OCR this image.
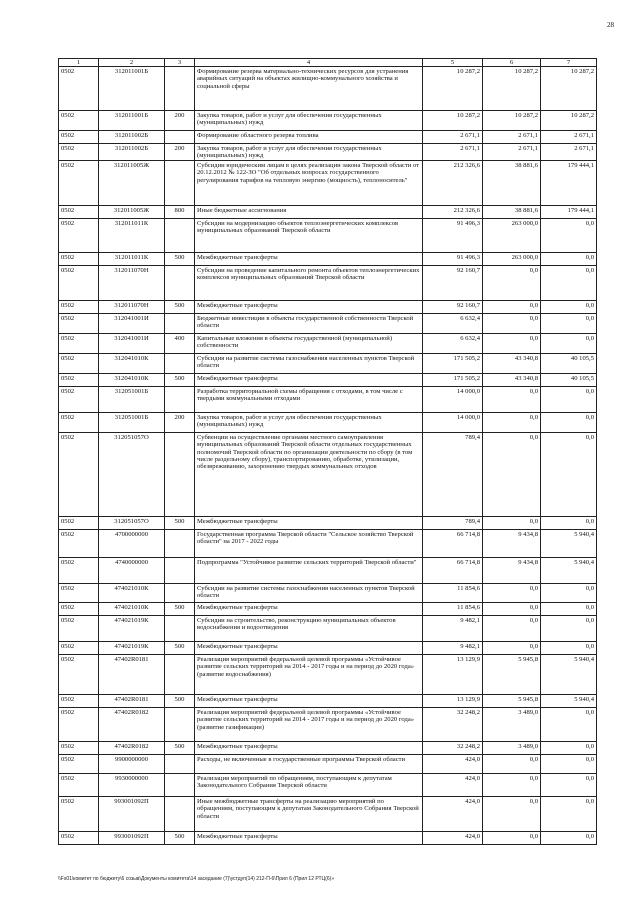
28
1	2	3	4	5	6	7
0502	312011001Б		Формирование резерва материально-технических ресурсов для устранения аварийных ситуаций на объектах жилищно-коммунального хозяйства и социальной сферы	10 287,2	10 287,2	10 287,2
0502	312011001Б	200	Закупка товаров, работ и услуг для обеспечения государственных (муниципальных) нужд	10 287,2	10 287,2	10 287,2
0502	312011002Б		Формирование областного резерва топлива	2 671,1	2 671,1	2 671,1
0502	312011002Б	200	Закупка товаров, работ и услуг для обеспечения государственных (муниципальных) нужд	2 671,1	2 671,1	2 671,1
0502	312011005Ж		Субсидии юридическим лицам в целях реализации закона Тверской области от 20.12.2012 № 122-ЗО "Об отдельных вопросах государственного регулирования тарифов на тепловую энергию (мощность), теплоноситель"	212 326,6	38 881,6	179 444,1
0502	312011005Ж	800	Иные бюджетные ассигнования	212 326,6	38 881,6	179 444,1
0502	312011011К		Субсидии на модернизацию объектов теплоэнергетических комплексов муниципальных образований Тверской области	91 496,3	263 000,0	0,0
0502	312011011К	500	Межбюджетные трансферты	91 496,3	263 000,0	0,0
0502	312011070Н		Субсидии на проведение капитального ремонта объектов теплоэнергетических комплексов муниципальных образований Тверской области	92 160,7	0,0	0,0
0502	312011070Н	500	Межбюджетные трансферты	92 160,7	0,0	0,0
0502	312041001И		Бюджетные инвестиции в объекты государственной собственности Тверской области	6 632,4	0,0	0,0
0502	312041001И	400	Капитальные вложения в объекты государственной (муниципальной) собственности	6 632,4	0,0	0,0
0502	312041010К		Субсидия на развитие системы газоснабжения населенных пунктов Тверской области	171 505,2	43 340,8	40 105,5
0502	312041010К	500	Межбюджетные трансферты	171 505,2	43 340,8	40 105,5
0502	312051001Б		Разработка территориальной схемы обращения с отходами, в том числе с твердыми коммунальными отходами	14 000,0	0,0	0,0
0502	312051001Б	200	Закупка товаров, работ и услуг для обеспечения государственных (муниципальных) нужд	14 000,0	0,0	0,0
0502	312051057О		Субвенции на осуществление органами местного самоуправления муниципальных образований Тверской области отдельных государственных полномочий Тверской области по организации деятельности по сбору (в том числе раздельному сбору), транспортированию, обработке, утилизации, обезвреживанию, захоронению твердых коммунальных отходов	789,4	0,0	0,0
0502	312051057О	500	Межбюджетные трансферты	789,4	0,0	0,0
0502	4700000000		Государственная программа Тверской области "Сельское хозяйство Тверской области" на 2017 - 2022 годы	66 714,8	9 434,8	5 940,4
0502	4740000000		Подпрограмма "Устойчивое развитие сельских территорий Тверской области"	66 714,8	9 434,8	5 940,4
0502	474021010К		Субсидии на развитие системы газоснабжения населенных пунктов Тверской области	11 854,6	0,0	0,0
0502	474021010К	500	Межбюджетные трансферты	11 854,6	0,0	0,0
0502	474021019К		Субсидии на строительство, реконструкцию муниципальных объектов водоснабжения и водоотведения	9 482,1	0,0	0,0
0502	474021019К	500	Межбюджетные трансферты	9 482,1	0,0	0,0
0502	47402R0181		Реализация мероприятий федеральной целевой программы «Устойчивое развитие сельских территорий на 2014 - 2017 годы и на период до 2020 года» (развитие водоснабжения)	13 129,9	5 945,8	5 940,4
0502	47402R0181	500	Межбюджетные трансферты	13 129,9	5 945,8	5 940,4
0502	47402R0182		Реализация мероприятий федеральной целевой программы «Устойчивое развитие сельских территорий на 2014 - 2017 годы и на период до 2020 года» (развитие газификации)	32 248,2	3 489,0	0,0
0502	47402R0182	500	Межбюджетные трансферты	32 248,2	3 489,0	0,0
0502	9900000000		Расходы, не включенные в государственные программы Тверской области	424,0	0,0	0,0
0502	9930000000		Реализация мероприятий по обращениям, поступающим к депутатам Законодательного Собрания Тверской области	424,0	0,0	0,0
0502	993001092П		Иные межбюджетные трансферты на реализацию мероприятий по обращениям, поступающим к депутатам Законодательного Собрания Тверской области	424,0	0,0	0,0
0502	993001092П	500	Межбюджетные трансферты	424,0	0,0	0,0
\\Fs01\комитет по бюджету\6 созыв\Документы комитета\14 заседание (7)\устдуп(14) 212-П-6\Прил 6 (Прил 12 РТЦ(6)»
